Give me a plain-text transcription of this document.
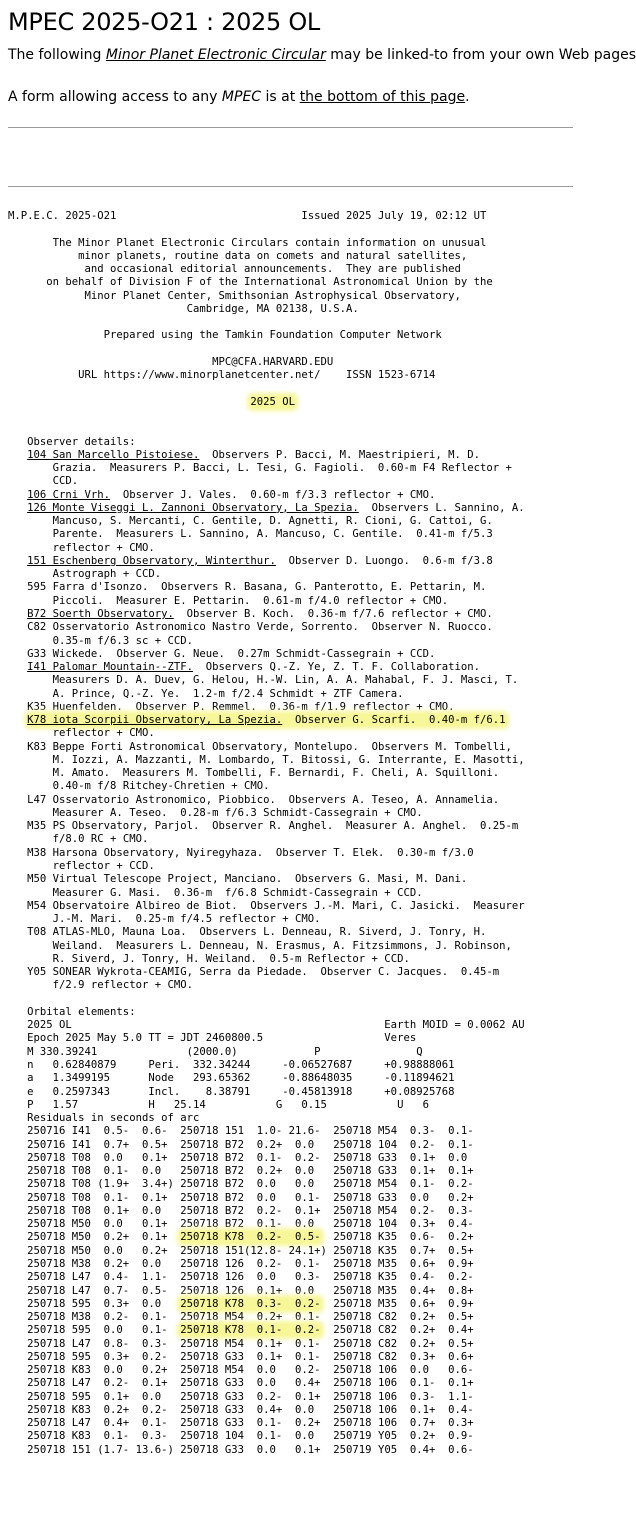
MPEC 2025-O21 : 2025 OL
The following Minor Planet Electronic Circular may be linked-to from your own Web pages
A form allowing access to any MPEC is at the bottom of this page.
M.P.E.C. 2025-O21	Issued 2025 July 19, 02:12 UT

The Minor Planet Electronic Circulars contain information on unusual
minor planets, routine data on comets and natural satellites,
and occasional editorial announcements.  They are published
on behalf of Division F of the International Astronomical Union by the
Minor Planet Center, Smithsonian Astrophysical Observatory,
Cambridge, MA 02138, U.S.A.

Prepared using the Tamkin Foundation Computer Network

MPC@CFA.HARVARD.EDU
URL https://www.minorplanetcenter.net/    ISSN 1523-6714

2025 OL

Observer details:
104 San Marcello Pistoiese. Observers P. Bacci, M. Maestripieri, M. D.
Grazia.  Measurers P. Bacci, L. Tesi, G. Fagioli.  0.60-m F4 Reflector +
CCD.
106 Crni Vrh. Observer J. Vales.  0.60-m f/3.3 reflector + CMO.
126 Monte Viseggi L. Zannoni Observatory, La Spezia. Observers L. Sannino, A.
Mancuso, S. Mercanti, C. Gentile, D. Agnetti, R. Cioni, G. Cattoi, G.
Parente.  Measurers L. Sannino, A. Mancuso, C. Gentile.  0.41-m f/5.3
reflector + CMO.
151 Eschenberg Observatory, Winterthur. Observer D. Luongo.  0.6-m f/3.8
Astrograph + CCD.
595 Farra d'Isonzo. Observers R. Basana, G. Panterotto, E. Pettarin, M.
Piccoli.  Measurer E. Pettarin.  0.61-m f/4.0 reflector + CMO.
B72 Soerth Observatory. Observer B. Koch.  0.36-m f/7.6 reflector + CMO.
C82 Osservatorio Astronomico Nastro Verde, Sorrento. Observer N. Ruocco.
0.35-m f/6.3 sc + CCD.
G33 Wickede. Observer G. Neue.  0.27m Schmidt-Cassegrain + CCD.
I41 Palomar Mountain--ZTF. Observers Q.-Z. Ye, Z. T. F. Collaboration.
Measurers D. A. Duev, G. Helou, H.-W. Lin, A. A. Mahabal, F. J. Masci, T.
A. Prince, Q.-Z. Ye.  1.2-m f/2.4 Schmidt + ZTF Camera.
K35 Huenfelden. Observer P. Remmel.  0.36-m f/1.9 reflector + CMO.
K78 iota Scorpii Observatory, La Spezia. Observer G. Scarfi.  0.40-m f/6.1
reflector + CMO.
K83 Beppe Forti Astronomical Observatory, Montelupo. Observers M. Tombelli,
M. Iozzi, A. Mazzanti, M. Lombardo, T. Bitossi, G. Interrante, E. Masotti,
M. Amato.  Measurers M. Tombelli, F. Bernardi, F. Cheli, A. Squilloni.
0.40-m f/8 Ritchey-Chretien + CMO.
L47 Osservatorio Astronomico, Piobbico. Observers A. Teseo, A. Annamelia.
Measurer A. Teseo.  0.28-m f/6.3 Schmidt-Cassegrain + CMO.
M35 PS Observatory, Parjol. Observer R. Anghel.  Measurer A. Anghel.  0.25-m
f/8.0 RC + CMO.
M38 Harsona Observatory, Nyiregyhaza. Observer T. Elek.  0.30-m f/3.0
reflector + CCD.
M50 Virtual Telescope Project, Manciano. Observers G. Masi, M. Dani.
Measurer G. Masi.  0.36-m  f/6.8 Schmidt-Cassegrain + CCD.
M54 Observatoire Albireo de Biot. Observers J.-M. Mari, C. Jasicki.  Measurer
J.-M. Mari.  0.25-m f/4.5 reflector + CMO.
T08 ATLAS-MLO, Mauna Loa. Observers L. Denneau, R. Siverd, J. Tonry, H.
Weiland.  Measurers L. Denneau, N. Erasmus, A. Fitzsimmons, J. Robinson,
R. Siverd, J. Tonry, H. Weiland.  0.5-m Reflector + CCD.
Y05 SONEAR Wykrota-CEAMIG, Serra da Piedade. Observer C. Jacques.  0.45-m
f/2.9 reflector + CMO.

Orbital elements:
2025 OL                                                 Earth MOID = 0.0062 AU
Epoch 2025 May 5.0 TT = JDT 2460800.5                   Veres
M 330.39241              (2000.0)            P               Q
n   0.62840879     Peri.  332.34244     -0.06527687     +0.98888061
a   1.3499195      Node   293.65362     -0.88648035     -0.11894621
e   0.2597343      Incl.    8.38791     -0.45813918     +0.08925768
P   1.57           H   25.14           G   0.15           U   6
Residuals in seconds of arc
250716 I41  0.5-  0.6-  250718 151  1.0- 21.6-  250718 M54  0.3-  0.1-
250716 I41  0.7+  0.5+  250718 B72  0.2+  0.0   250718 104  0.2-  0.1-
250718 T08  0.0   0.1+  250718 B72  0.1-  0.2-  250718 G33  0.1+  0.0
250718 T08  0.1-  0.0   250718 B72  0.2+  0.0   250718 G33  0.1+  0.1+
250718 T08 (1.9+  3.4+) 250718 B72  0.0   0.0   250718 M54  0.1-  0.2-
250718 T08  0.1-  0.1+  250718 B72  0.0   0.1-  250718 G33  0.0   0.2+
250718 T08  0.1+  0.0   250718 B72  0.2-  0.1+  250718 M54  0.2-  0.3-
250718 M50  0.0   0.1+  250718 B72  0.1-  0.0   250718 104  0.3+  0.4-
250718 M50  0.2+  0.1+  250718 K78  0.2-  0.5- 250718 K35  0.6-  0.2+
250718 M50  0.0   0.2+  250718 151(12.8- 24.1+) 250718 K35  0.7+  0.5+
250718 M38  0.2+  0.0   250718 126  0.2-  0.1-  250718 M35  0.6+  0.9+
250718 L47  0.4-  1.1-  250718 126  0.0   0.3-  250718 K35  0.4-  0.2-
250718 L47  0.7-  0.5-  250718 126  0.1+  0.0   250718 M35  0.4+  0.8+
250718 595  0.3+  0.0   250718 K78  0.3-  0.2- 250718 M35  0.6+  0.9+
250718 M38  0.2-  0.1-  250718 M54  0.2+  0.1-  250718 C82  0.2+  0.5+
250718 595  0.0   0.1-  250718 K78  0.1-  0.2- 250718 C82  0.2+  0.4+
250718 L47  0.8-  0.3-  250718 M54  0.1+  0.1-  250718 C82  0.2+  0.5+
250718 595  0.3+  0.2-  250718 G33  0.1+  0.1-  250718 C82  0.3+  0.6+
250718 K83  0.0   0.2+  250718 M54  0.0   0.2-  250718 106  0.0   0.6-
250718 L47  0.2-  0.1+  250718 G33  0.0   0.4+  250718 106  0.1-  0.1+
250718 595  0.1+  0.0   250718 G33  0.2-  0.1+  250718 106  0.3-  1.1-
250718 K83  0.2+  0.2-  250718 G33  0.4+  0.0   250718 106  0.1+  0.4-
250718 L47  0.4+  0.1-  250718 G33  0.1-  0.2+  250718 106  0.7+  0.3+
250718 K83  0.1-  0.3-  250718 104  0.1-  0.0   250719 Y05  0.2+  0.9-
250718 151 (1.7- 13.6-) 250718 G33  0.0   0.1+  250719 Y05  0.4+  0.6-
